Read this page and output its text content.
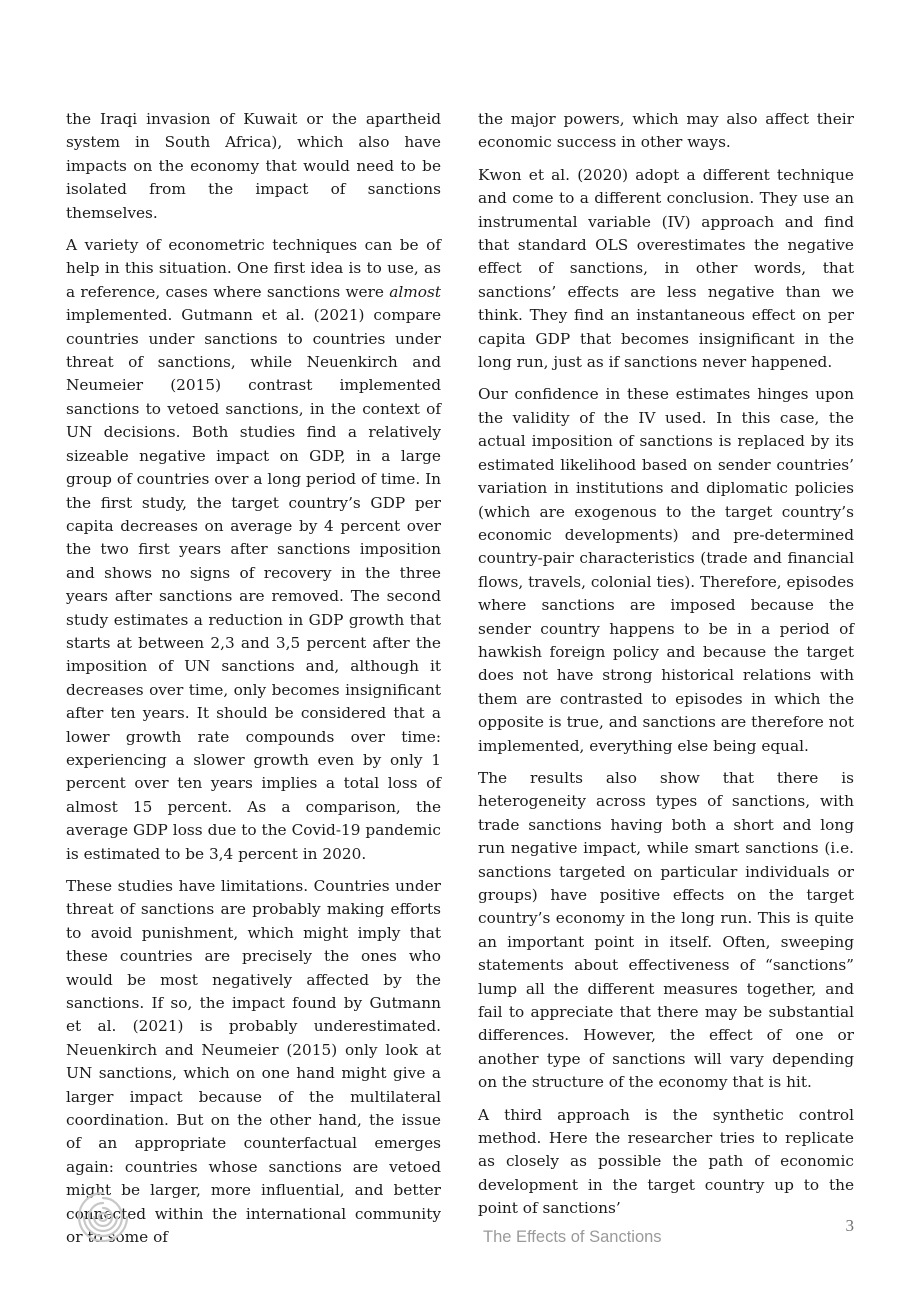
the Iraqi invasion of Kuwait or the apartheid system in South Africa), which also have impacts on the economy that would need to be isolated from the impact of sanctions themselves.

A variety of econometric techniques can be of help in this situation. One first idea is to use, as a reference, cases where sanctions were almost implemented. Gutmann et al. (2021) compare countries under sanctions to countries under threat of sanctions, while Neuenkirch and Neumeier (2015) contrast implemented sanctions to vetoed sanctions, in the context of UN decisions. Both studies find a relatively sizeable negative impact on GDP, in a large group of countries over a long period of time. In the first study, the target country’s GDP per capita decreases on average by 4 percent over the two first years after sanctions imposition and shows no signs of recovery in the three years after sanctions are removed. The second study estimates a reduction in GDP growth that starts at between 2,3 and 3,5 percent after the imposition of UN sanctions and, although it decreases over time, only becomes insignificant after ten years. It should be considered that a lower growth rate compounds over time: experiencing a slower growth even by only 1 percent over ten years implies a total loss of almost 15 percent. As a comparison, the average GDP loss due to the Covid-19 pandemic is estimated to be 3,4 percent in 2020.

These studies have limitations. Countries under threat of sanctions are probably making efforts to avoid punishment, which might imply that these countries are precisely the ones who would be most negatively affected by the sanctions. If so, the impact found by Gutmann et al. (2021) is probably underestimated. Neuenkirch and Neumeier (2015) only look at UN sanctions, which on one hand might give a larger impact because of the multilateral coordination. But on the other hand, the issue of an appropriate counterfactual emerges again: countries whose sanctions are vetoed might be larger, more influential, and better connected within the international community or to some of

the major powers, which may also affect their economic success in other ways.

Kwon et al. (2020) adopt a different technique and come to a different conclusion. They use an instrumental variable (IV) approach and find that standard OLS overestimates the negative effect of sanctions, in other words, that sanctions’ effects are less negative than we think. They find an instantaneous effect on per capita GDP that becomes insignificant in the long run, just as if sanctions never happened.

Our confidence in these estimates hinges upon the validity of the IV used. In this case, the actual imposition of sanctions is replaced by its estimated likelihood based on sender countries’ variation in institutions and diplomatic policies (which are exogenous to the target country’s economic developments) and pre-determined country-pair characteristics (trade and financial flows, travels, colonial ties). Therefore, episodes where sanctions are imposed because the sender country happens to be in a period of hawkish foreign policy and because the target does not have strong historical relations with them are contrasted to episodes in which the opposite is true, and sanctions are therefore not implemented, everything else being equal.

The results also show that there is heterogeneity across types of sanctions, with trade sanctions having both a short and long run negative impact, while smart sanctions (i.e. sanctions targeted on particular individuals or groups) have positive effects on the target country’s economy in the long run. This is quite an important point in itself. Often, sweeping statements about effectiveness of “sanctions” lump all the different measures together, and fail to appreciate that there may be substantial differences. However, the effect of one or another type of sanctions will vary depending on the structure of the economy that is hit.

A third approach is the synthetic control method. Here the researcher tries to replicate as closely as possible the path of economic development in the target country up to the point of sanctions’

The Effects of Sanctions
3
